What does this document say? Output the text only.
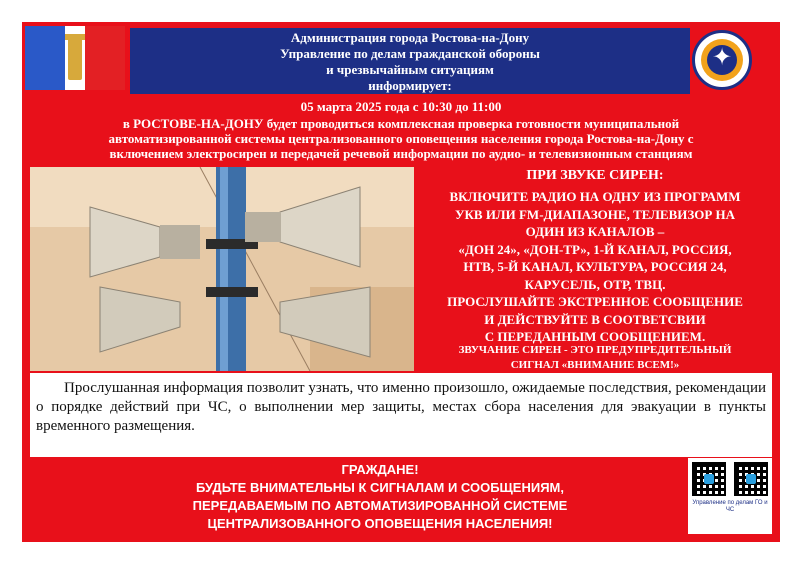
Администрация города Ростова-на-Дону
Управление по делам гражданской обороны
и чрезвычайным ситуациям
информирует:
✦
05 марта 2025 года с 10:30 до 11:00
в РОСТОВЕ-НА-ДОНУ будет проводиться комплексная проверка готовности муниципальной
автоматизированной системы централизованного оповещения населения города Ростова-на-Дону с
включением электросирен и передачей речевой информации по аудио- и телевизионным станциям
ПРИ ЗВУКЕ СИРЕН:
ВКЛЮЧИТЕ РАДИО НА ОДНУ ИЗ ПРОГРАММ
УКВ ИЛИ FM-ДИАПАЗОНЕ, ТЕЛЕВИЗОР НА
ОДИН ИЗ КАНАЛОВ –
«ДОН 24», «ДОН-ТР», 1-Й КАНАЛ, РОССИЯ,
НТВ, 5-Й КАНАЛ, КУЛЬТУРА, РОССИЯ 24,
КАРУСЕЛЬ, ОТР, ТВЦ.
ПРОСЛУШАЙТЕ ЭКСТРЕННОЕ СООБЩЕНИЕ
И ДЕЙСТВУЙТЕ В СООТВЕТСВИИ
С ПЕРЕДАННЫМ СООБЩЕНИЕМ.
ЗВУЧАНИЕ СИРЕН - ЭТО ПРЕДУПРЕДИТЕЛЬНЫЙ
СИГНАЛ «ВНИМАНИЕ ВСЕМ!»
Прослушанная информация позволит узнать, что именно произошло, ожидаемые последствия, рекомендации о порядке действий при ЧС, о выполнении мер защиты, местах сбора населения для эвакуации в пункты временного размещения.
ГРАЖДАНЕ!
БУДЬТЕ ВНИМАТЕЛЬНЫ К СИГНАЛАМ И СООБЩЕНИЯМ,
ПЕРЕДАВАЕМЫМ ПО АВТОМАТИЗИРОВАННОЙ СИСТЕМЕ
ЦЕНТРАЛИЗОВАННОГО ОПОВЕЩЕНИЯ НАСЕЛЕНИЯ!
Управление по делам ГО и ЧС
